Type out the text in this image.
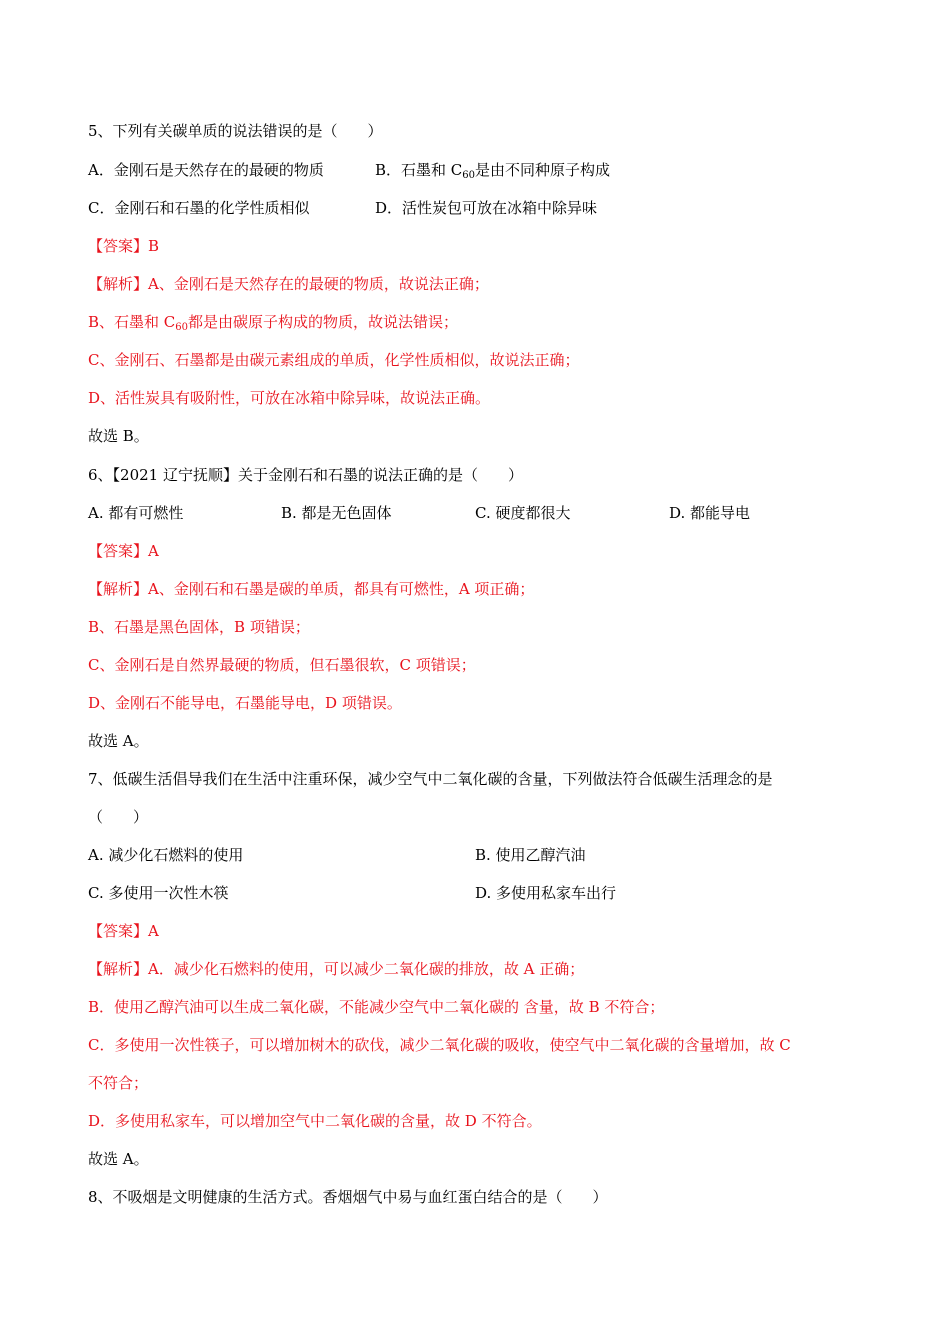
5、下列有关碳单质的说法错误的是（　　）
A．金刚石是天然存在的最硬的物质	B．石墨和 $C_{60}$是由不同种原子构成
C．金刚石和石墨的化学性质相似	D．活性炭包可放在冰箱中除异味
【答案】B
【解析】A、金刚石是天然存在的最硬的物质，故说法正确；
B、石墨和 $C_{60}$都是由碳原子构成的物质，故说法错误；
C、金刚石、石墨都是由碳元素组成的单质，化学性质相似，故说法正确；
D、活性炭具有吸附性，可放在冰箱中除异味，故说法正确。
故选 B。
6、【2021 辽宁抚顺】关于金刚石和石墨的说法正确的是（　　）
A. 都有可燃性	B. 都是无色固体	C. 硬度都很大	D. 都能导电
【答案】A
【解析】A、金刚石和石墨是碳的单质，都具有可燃性，A 项正确；
B、石墨是黑色固体，B 项错误；
C、金刚石是自然界最硬的物质，但石墨很软，C 项错误；
D、金刚石不能导电，石墨能导电，D 项错误。
故选 A。
7、低碳生活倡导我们在生活中注重环保，减少空气中二氧化碳的含量，下列做法符合低碳生活理念的是
（　　）
A. 减少化石燃料的使用	B. 使用乙醇汽油
C. 多使用一次性木筷	D. 多使用私家车出行
【答案】A
【解析】A．减少化石燃料的使用，可以减少二氧化碳的排放，故 A 正确；
B．使用乙醇汽油可以生成二氧化碳，不能减少空气中二氧化碳的 含量，故 B 不符合；
C．多使用一次性筷子，可以增加树木的砍伐，减少二氧化碳的吸收，使空气中二氧化碳的含量增加，故 C
不符合；
D．多使用私家车，可以增加空气中二氧化碳的含量，故 D 不符合。
故选 A。
8、不吸烟是文明健康的生活方式。香烟烟气中易与血红蛋白结合的是（　　）
